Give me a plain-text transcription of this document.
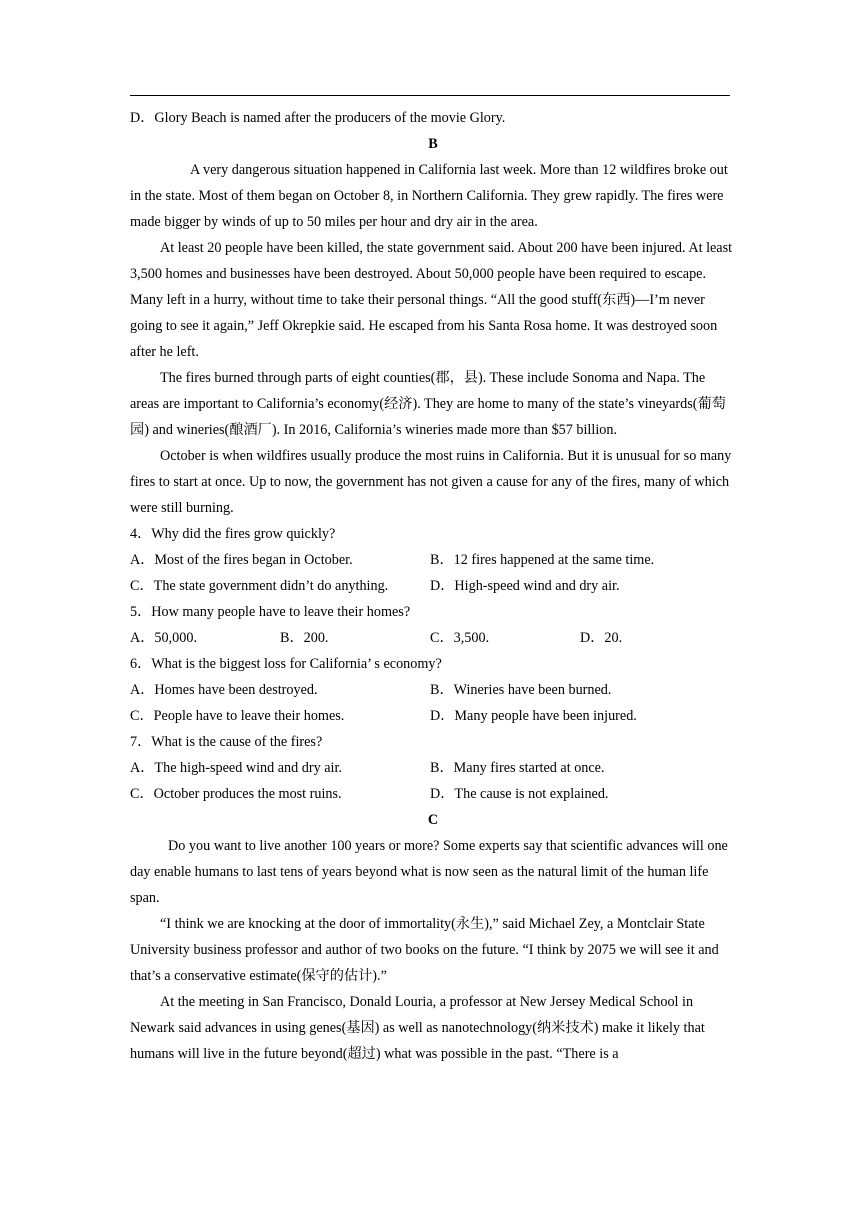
D．Glory Beach is named after the producers of the movie Glory.

B

A very dangerous situation happened in California last week. More than 12 wildfires broke out in the state. Most of them began on October 8, in Northern California. They grew rapidly. The fires were made bigger by winds of up to 50 miles per hour and dry air in the area.

At least 20 people have been killed, the state government said. About 200 have been injured. At least 3,500 homes and businesses have been destroyed. About 50,000 people have been required to escape. Many left in a hurry, without time to take their personal things. “All the good stuff(东西)—I’m never going to see it again,” Jeff Okrepkie said. He escaped from his Santa Rosa home. It was destroyed soon after he left.

The fires burned through parts of eight counties(郡，县). These include Sonoma and Napa. The areas are important to California’s economy(经济). They are home to many of the state’s vineyards(葡萄园) and wineries(酿酒厂). In 2016, California’s wineries made more than $57 billion.

October is when wildfires usually produce the most ruins in California. But it is unusual for so many fires to start at once. Up to now, the government has not given a cause for any of the fires, many of which were still burning.

4．Why did the fires grow quickly?

A．Most of the fires began in October.	B．12 fires happened at the same time.
C．The state government didn’t do anything.	D．High-speed wind and dry air.

5．How many people have to leave their homes?

A．50,000.	B．200.	C．3,500.	D．20.

6．What is the biggest loss for California’ s economy?

A．Homes have been destroyed.	B．Wineries have been burned.
C．People have to leave their homes.	D．Many people have been injured.

7．What is the cause of the fires?

A．The high-speed wind and dry air.	B．Many fires started at once.
C．October produces the most ruins.	D．The cause is not explained.

C

Do you want to live another 100 years or more? Some experts say that scientific advances will one day enable humans to last tens of years beyond what is now seen as the natural limit of the human life span.

“I think we are knocking at the door of immortality(永生),” said Michael Zey, a Montclair State University business professor and author of two books on the future. “I think by 2075 we will see it and that’s a conservative estimate(保守的估计).”

At the meeting in San Francisco, Donald Louria, a professor at New Jersey Medical School in Newark said advances in using genes(基因) as well as nanotechnology(纳米技术) make it likely that humans will live in the future beyond(超过) what was possible in the past. “There is a
